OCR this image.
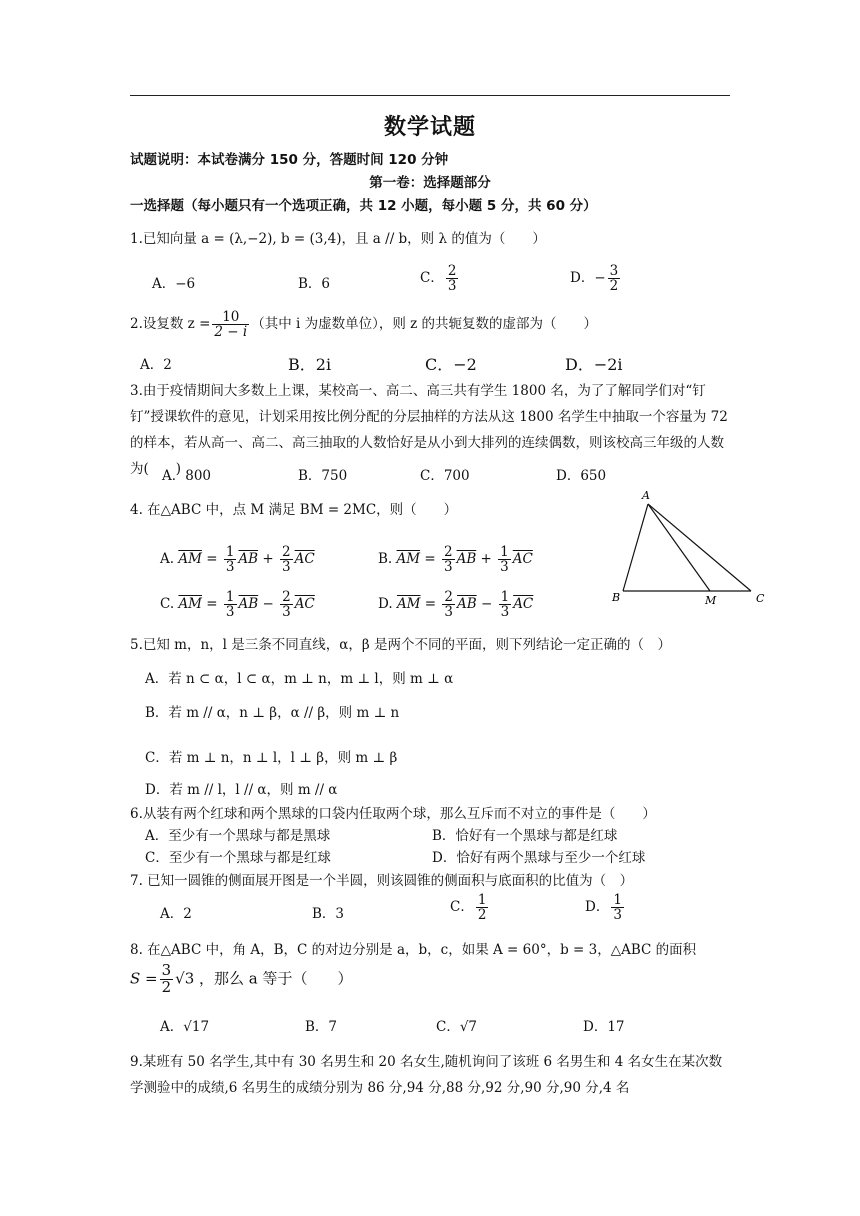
数学试题
试题说明：本试卷满分 150 分，答题时间 120 分钟
第一卷：选择题部分
一选择题（每小题只有一个选项正确，共 12 小题，每小题 5 分，共 60 分）
1.已知向量 a = (λ,−2), b = (3,4)，且 a // b，则 λ 的值为（　　）
A．−6	B．6	C． $\frac{2}{3}$	D．− $\frac{3}{2}$
2.设复数 $z = \frac{10}{2 - i}$ （其中 i 为虚数单位），则 z 的共轭复数的虚部为（　　）
A．2	B．2i	C．−2	D．−2i
3.由于疫情期间大多数上上课，某校高一、高二、高三共有学生 1800 名，为了了解同学们对“钉钉”授课软件的意见，计划采用按比例分配的分层抽样的方法从这 1800 名学生中抽取一个容量为 72 的样本，若从高一、高二、高三抽取的人数恰好是从小到大排列的连续偶数，则该校高三年级的人数为(　　)
A．800	B．750	C．700	D．650
4. 在△ABC 中，点 M 满足 BM = 2MC，则（　　）
A. $\overline{AM} = \frac{1}{3} \overline{AB} + \frac{2}{3} \overline{AC}$	B. $\overline{AM} = \frac{2}{3} \overline{AB} + \frac{1}{3} \overline{AC}$
C. $\overline{AM} = \frac{1}{3} \overline{AB} - \frac{2}{3} \overline{AC}$	D. $\overline{AM} = \frac{2}{3} \overline{AB} - \frac{1}{3} \overline{AC}$
A
B	M	C
5.已知 m，n，l 是三条不同直线，α，β 是两个不同的平面，则下列结论一定正确的（　）
A．若 n ⊂ α，l ⊂ α，m ⊥ n，m ⊥ l，则 m ⊥ α
B．若 m // α，n ⊥ β，α // β，则 m ⊥ n
C．若 m ⊥ n，n ⊥ l，l ⊥ β，则 m ⊥ β
D．若 m // l，l // α，则 m // α
6.从装有两个红球和两个黑球的口袋内任取两个球，那么互斥而不对立的事件是（　　）
A．至少有一个黑球与都是黑球	B．恰好有一个黑球与都是红球
C．至少有一个黑球与都是红球	D．恰好有两个黑球与至少一个红球
7. 已知一圆锥的侧面展开图是一个半圆，则该圆锥的侧面积与底面积的比值为（　）
A．2	B．3	C． $\frac{1}{2}$	D． $\frac{1}{3}$
8. 在△ABC 中，角 A，B，C 的对边分别是 a，b，c，如果 A = 60°，b = 3，△ABC 的面积
$S = \frac{3}{2} √3$ ，那么 a 等于（　　）
A．√17	B．7	C．√7	D．17
9.某班有 50 名学生,其中有 30 名男生和 20 名女生,随机询问了该班 6 名男生和 4 名女生在某次数学测验中的成绩,6 名男生的成绩分别为 86 分,94 分,88 分,92 分,90 分,90 分,4 名
